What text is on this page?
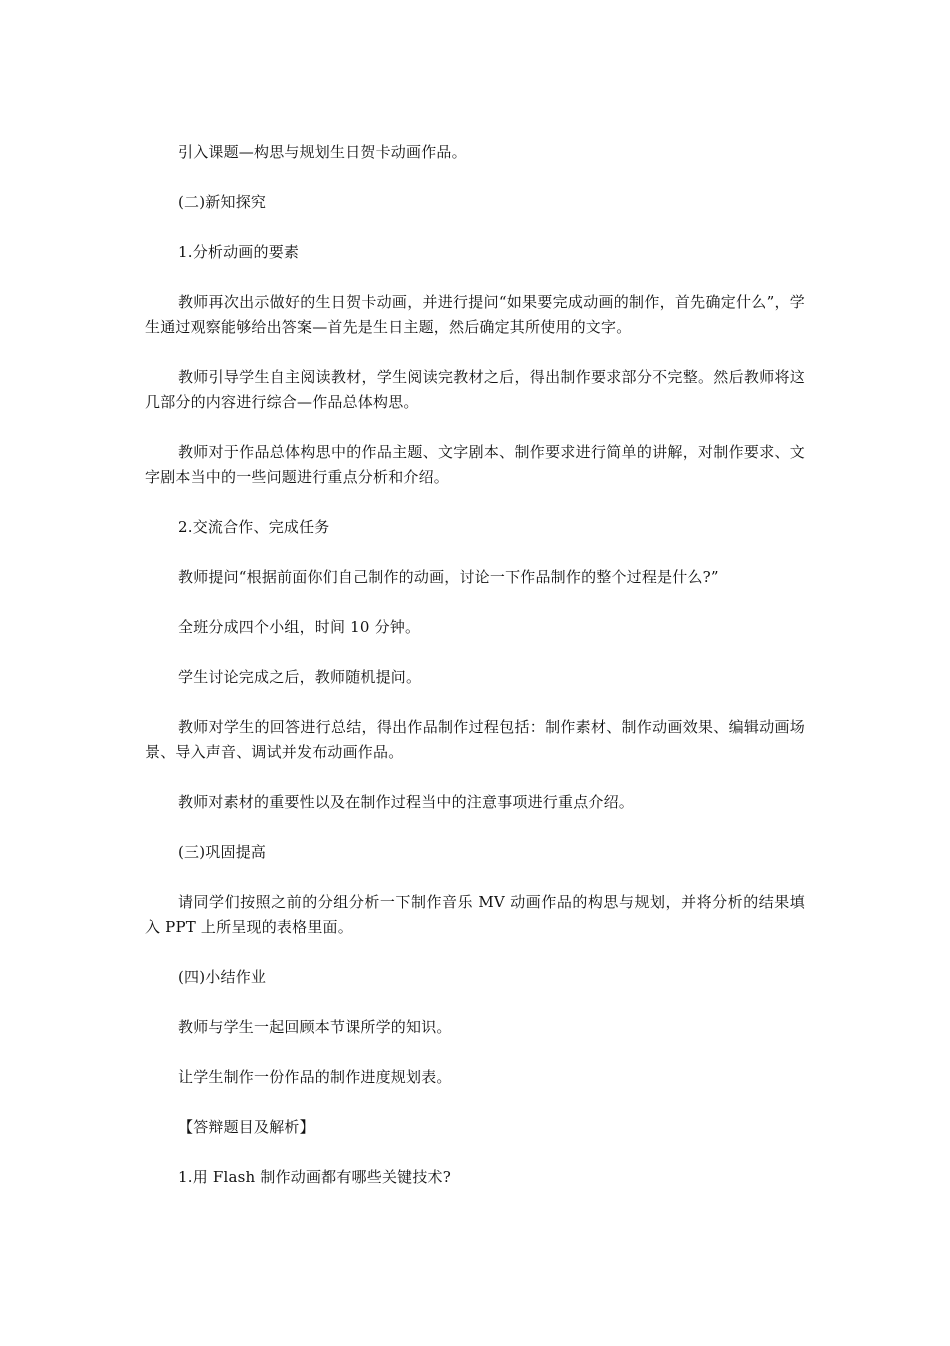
引入课题—构思与规划生日贺卡动画作品。

(二)新知探究

1.分析动画的要素

教师再次出示做好的生日贺卡动画，并进行提问“如果要完成动画的制作，首先确定什么”，学生通过观察能够给出答案—首先是生日主题，然后确定其所使用的文字。

教师引导学生自主阅读教材，学生阅读完教材之后，得出制作要求部分不完整。然后教师将这几部分的内容进行综合—作品总体构思。

教师对于作品总体构思中的作品主题、文字剧本、制作要求进行简单的讲解，对制作要求、文字剧本当中的一些问题进行重点分析和介绍。

2.交流合作、完成任务

教师提问“根据前面你们自己制作的动画，讨论一下作品制作的整个过程是什么?”

全班分成四个小组，时间 10 分钟。

学生讨论完成之后，教师随机提问。

教师对学生的回答进行总结，得出作品制作过程包括：制作素材、制作动画效果、编辑动画场景、导入声音、调试并发布动画作品。

教师对素材的重要性以及在制作过程当中的注意事项进行重点介绍。

(三)巩固提高

请同学们按照之前的分组分析一下制作音乐 MV 动画作品的构思与规划，并将分析的结果填入 PPT 上所呈现的表格里面。

(四)小结作业

教师与学生一起回顾本节课所学的知识。

让学生制作一份作品的制作进度规划表。

【答辩题目及解析】

1.用 Flash 制作动画都有哪些关键技术?
